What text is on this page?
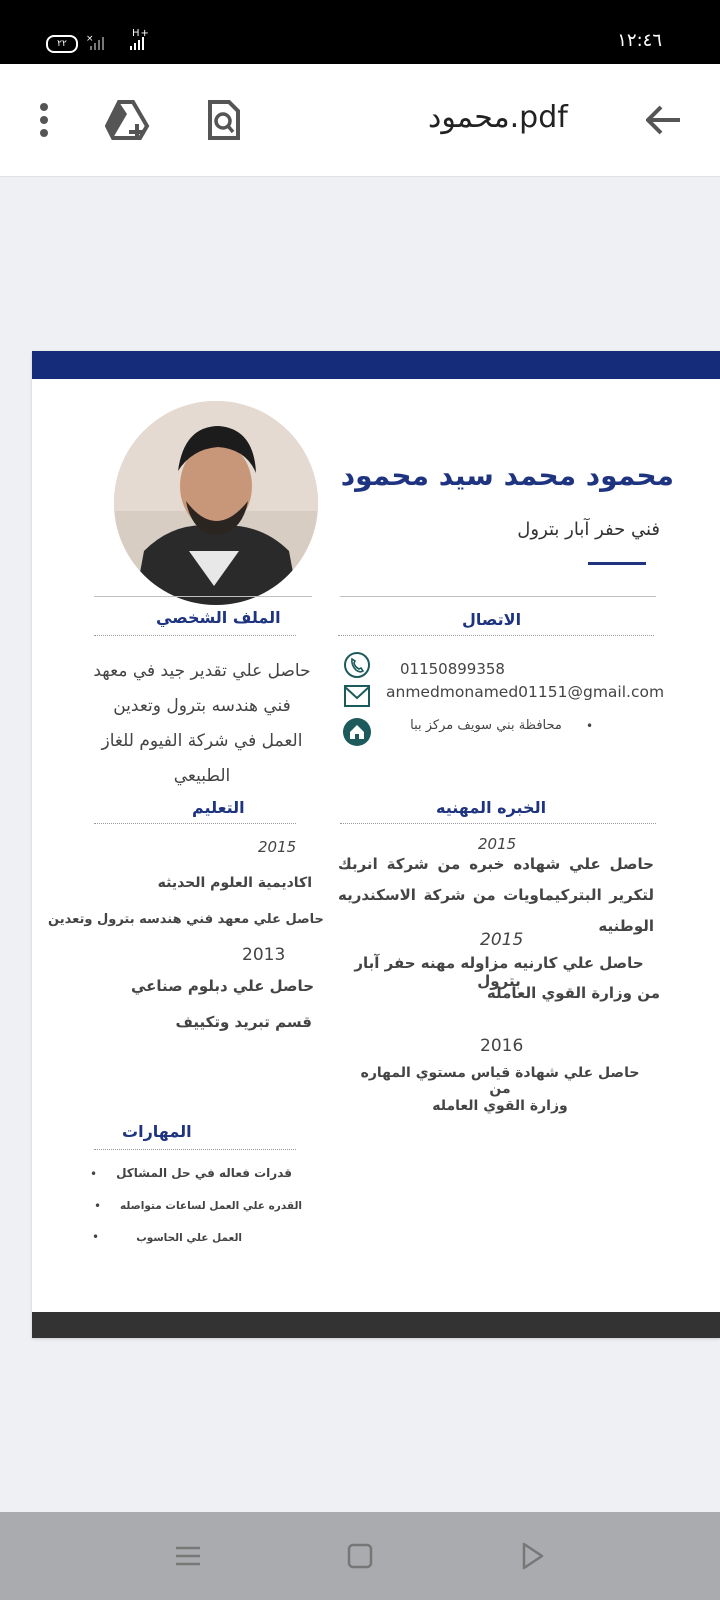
٢٢ ×	H+	١٢:٤٦
محمود.pdf
محمود محمد سيد محمود
فني حفر آبار بترول
الملف الشخصي
حاصل علي تقدير جيد في معهد
فني هندسه بترول وتعدين
العمل في شركة الفيوم للغاز
الطبيعي
الاتصال
01150899358
anmedmonamed01151@gmail.com
محافظة بني سويف مركز ببا	•
التعليم
2015
اكاديمية العلوم الحديثه
حاصل علي معهد فني هندسه بترول وتعدين
2013
حاصل علي دبلوم صناعي
قسم تبريد وتكييف
الخبره المهنيه
2015
حاصل علي شهاده خبره من شركة انربك
لتكرير البتركيماويات من شركة الاسكندريه
الوطنيه
2015
حاصل علي كارنيه مزاوله مهنه حفر آبار بترول
من وزارة القوي العامله
2016
حاصل علي شهادة قياس مستوي المهاره من
وزارة القوي العامله
المهارات
•	قدرات فعاله في حل المشاكل
•	القدره علي العمل لساعات متواصله
•	العمل علي الحاسوب
